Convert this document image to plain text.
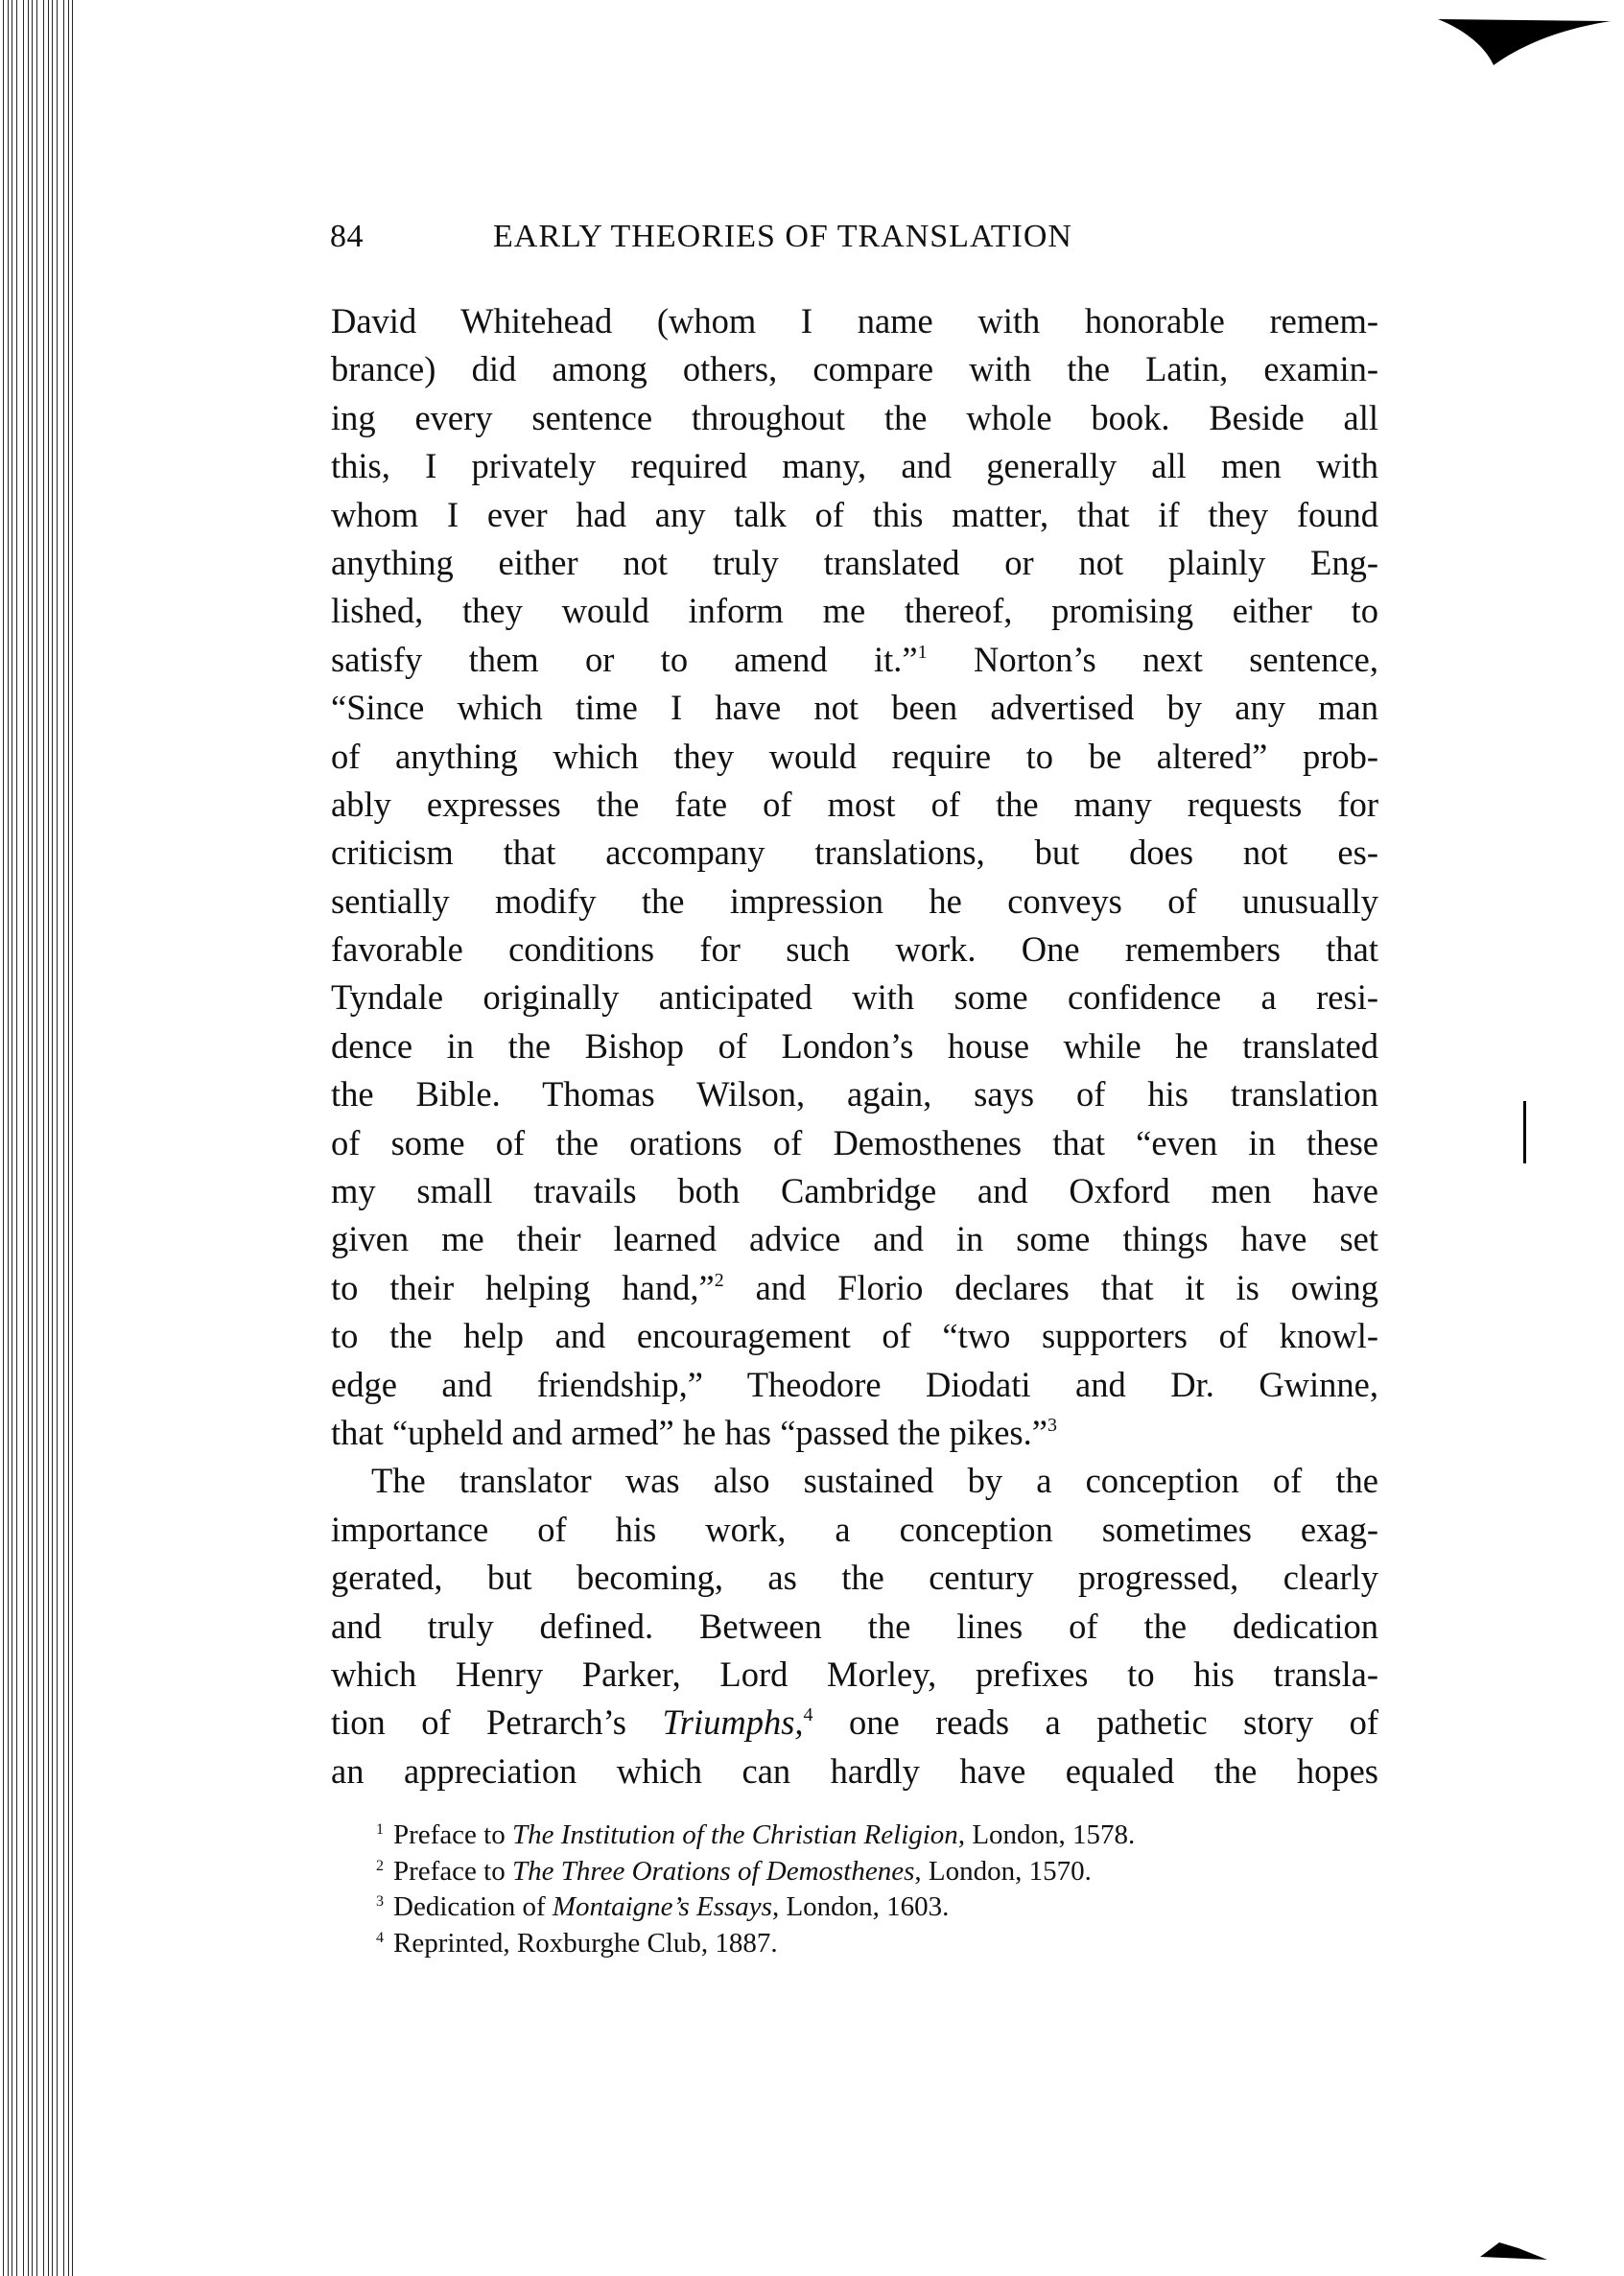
84	EARLY THEORIES OF TRANSLATION
David Whitehead (whom I name with honorable remem-
brance) did among others, compare with the Latin, examin-
ing every sentence throughout the whole book. Beside all
this, I privately required many, and generally all men with
whom I ever had any talk of this matter, that if they found
anything either not truly translated or not plainly Eng-
lished, they would inform me thereof, promising either to
satisfy them or to amend it.”$^1$ Norton’s next sentence,
“Since which time I have not been advertised by any man
of anything which they would require to be altered” prob-
ably expresses the fate of most of the many requests for
criticism that accompany translations, but does not es-
sentially modify the impression he conveys of unusually
favorable conditions for such work. One remembers that
Tyndale originally anticipated with some confidence a resi-
dence in the Bishop of London’s house while he translated
the Bible. Thomas Wilson, again, says of his translation
of some of the orations of Demosthenes that “even in these
my small travails both Cambridge and Oxford men have
given me their learned advice and in some things have set
to their helping hand,”$^2$ and Florio declares that it is owing
to the help and encouragement of “two supporters of knowl-
edge and friendship,” Theodore Diodati and Dr. Gwinne,
that “upheld and armed” he has “passed the pikes.”$^3$
The translator was also sustained by a conception of the
importance of his work, a conception sometimes exag-
gerated, but becoming, as the century progressed, clearly
and truly defined. Between the lines of the dedication
which Henry Parker, Lord Morley, prefixes to his transla-
tion of Petrarch’s Triumphs,$^4$ one reads a pathetic story of
an appreciation which can hardly have equaled the hopes
$^1$ Preface to The Institution of the Christian Religion, London, 1578.
$^2$ Preface to The Three Orations of Demosthenes, London, 1570.
$^3$ Dedication of Montaigne’s Essays, London, 1603.
$^4$ Reprinted, Roxburghe Club, 1887.
